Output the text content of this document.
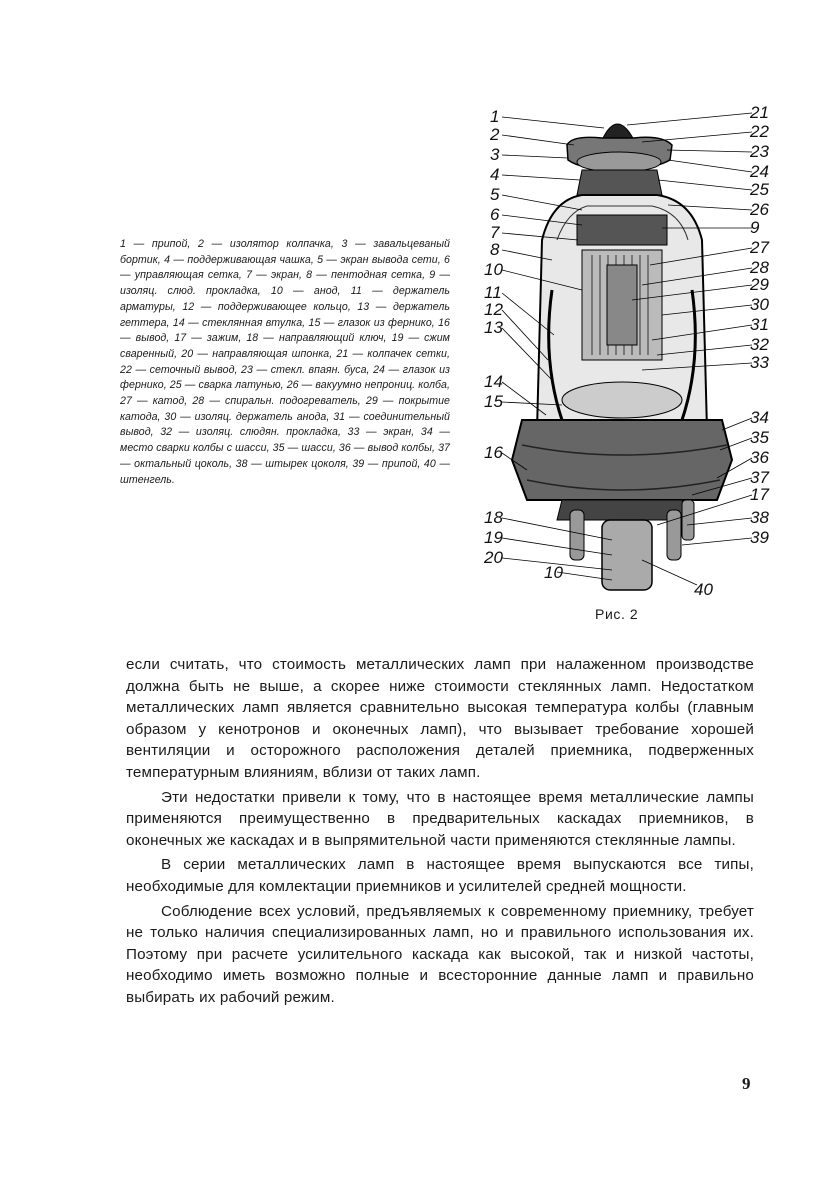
1 — припой, 2 — изолятор колпачка, 3 — завальцеваный бортик, 4 — поддерживающая чашка, 5 — экран вывода сети, 6 — управляющая сетка, 7 — экран, 8 — пентодная сетка, 9 — изоляц. слюд. прокладка, 10 — анод, 11 — держатель арматуры, 12 — поддерживающее кольцо, 13 — держатель геттера, 14 — стеклянная втулка, 15 — глазок из фернико, 16 — вывод, 17 — зажим, 18 — направляющий ключ, 19 — сжим сваренный, 20 — направляющая шпонка, 21 — колпачек сетки, 22 — сеточный вывод, 23 — стекл. впаян. буса, 24 — глазок из фернико, 25 — сварка латунью, 26 — вакуумно непрониц. колба, 27 — катод, 28 — спиральн. подогреватель, 29 — покрытие катода, 30 — изоляц. держатель анода, 31 — соединительный вывод, 32 — изоляц. слюдян. прокладка, 33 — экран, 34 — место сварки колбы с шасси, 35 — шасси, 36 — вывод колбы, 37 — октальный цоколь, 38 — штырек цоколя, 39 — припой, 40 — штенгель.
1
2
3
4
5
6
7
8
10
11
12
13
14
15
16
18
19
20
10
21
22
23
24
25
26
9
27
28
29
30
31
32
33
34
35
36
37
17
38
39
40
Рис. 2

если считать, что стоимость металлических ламп при налаженном производстве должна быть не выше, а скорее ниже стоимости стеклянных ламп. Недостатком металлических ламп является сравнительно высокая температура колбы (главным образом у кенотронов и оконечных ламп), что вызывает требование хорошей вентиляции и осторожного расположения деталей приемника, подверженных температурным влияниям, вблизи от таких ламп.

Эти недостатки привели к тому, что в настоящее время металлические лампы применяются преимущественно в предварительных каскадах приемников, в оконечных же каскадах и в выпрямительной части применяются стеклянные лампы.

В серии металлических ламп в настоящее время выпускаются все типы, необходимые для комлектации приемников и усилителей средней мощности.

Соблюдение всех условий, предъявляемых к современному приемнику, требует не только наличия специализированных ламп, но и правильного использования их. Поэтому при расчете усилительного каскада как высокой, так и низкой частоты, необходимо иметь возможно полные и всесторонние данные ламп и правильно выбирать их рабочий режим.

9
